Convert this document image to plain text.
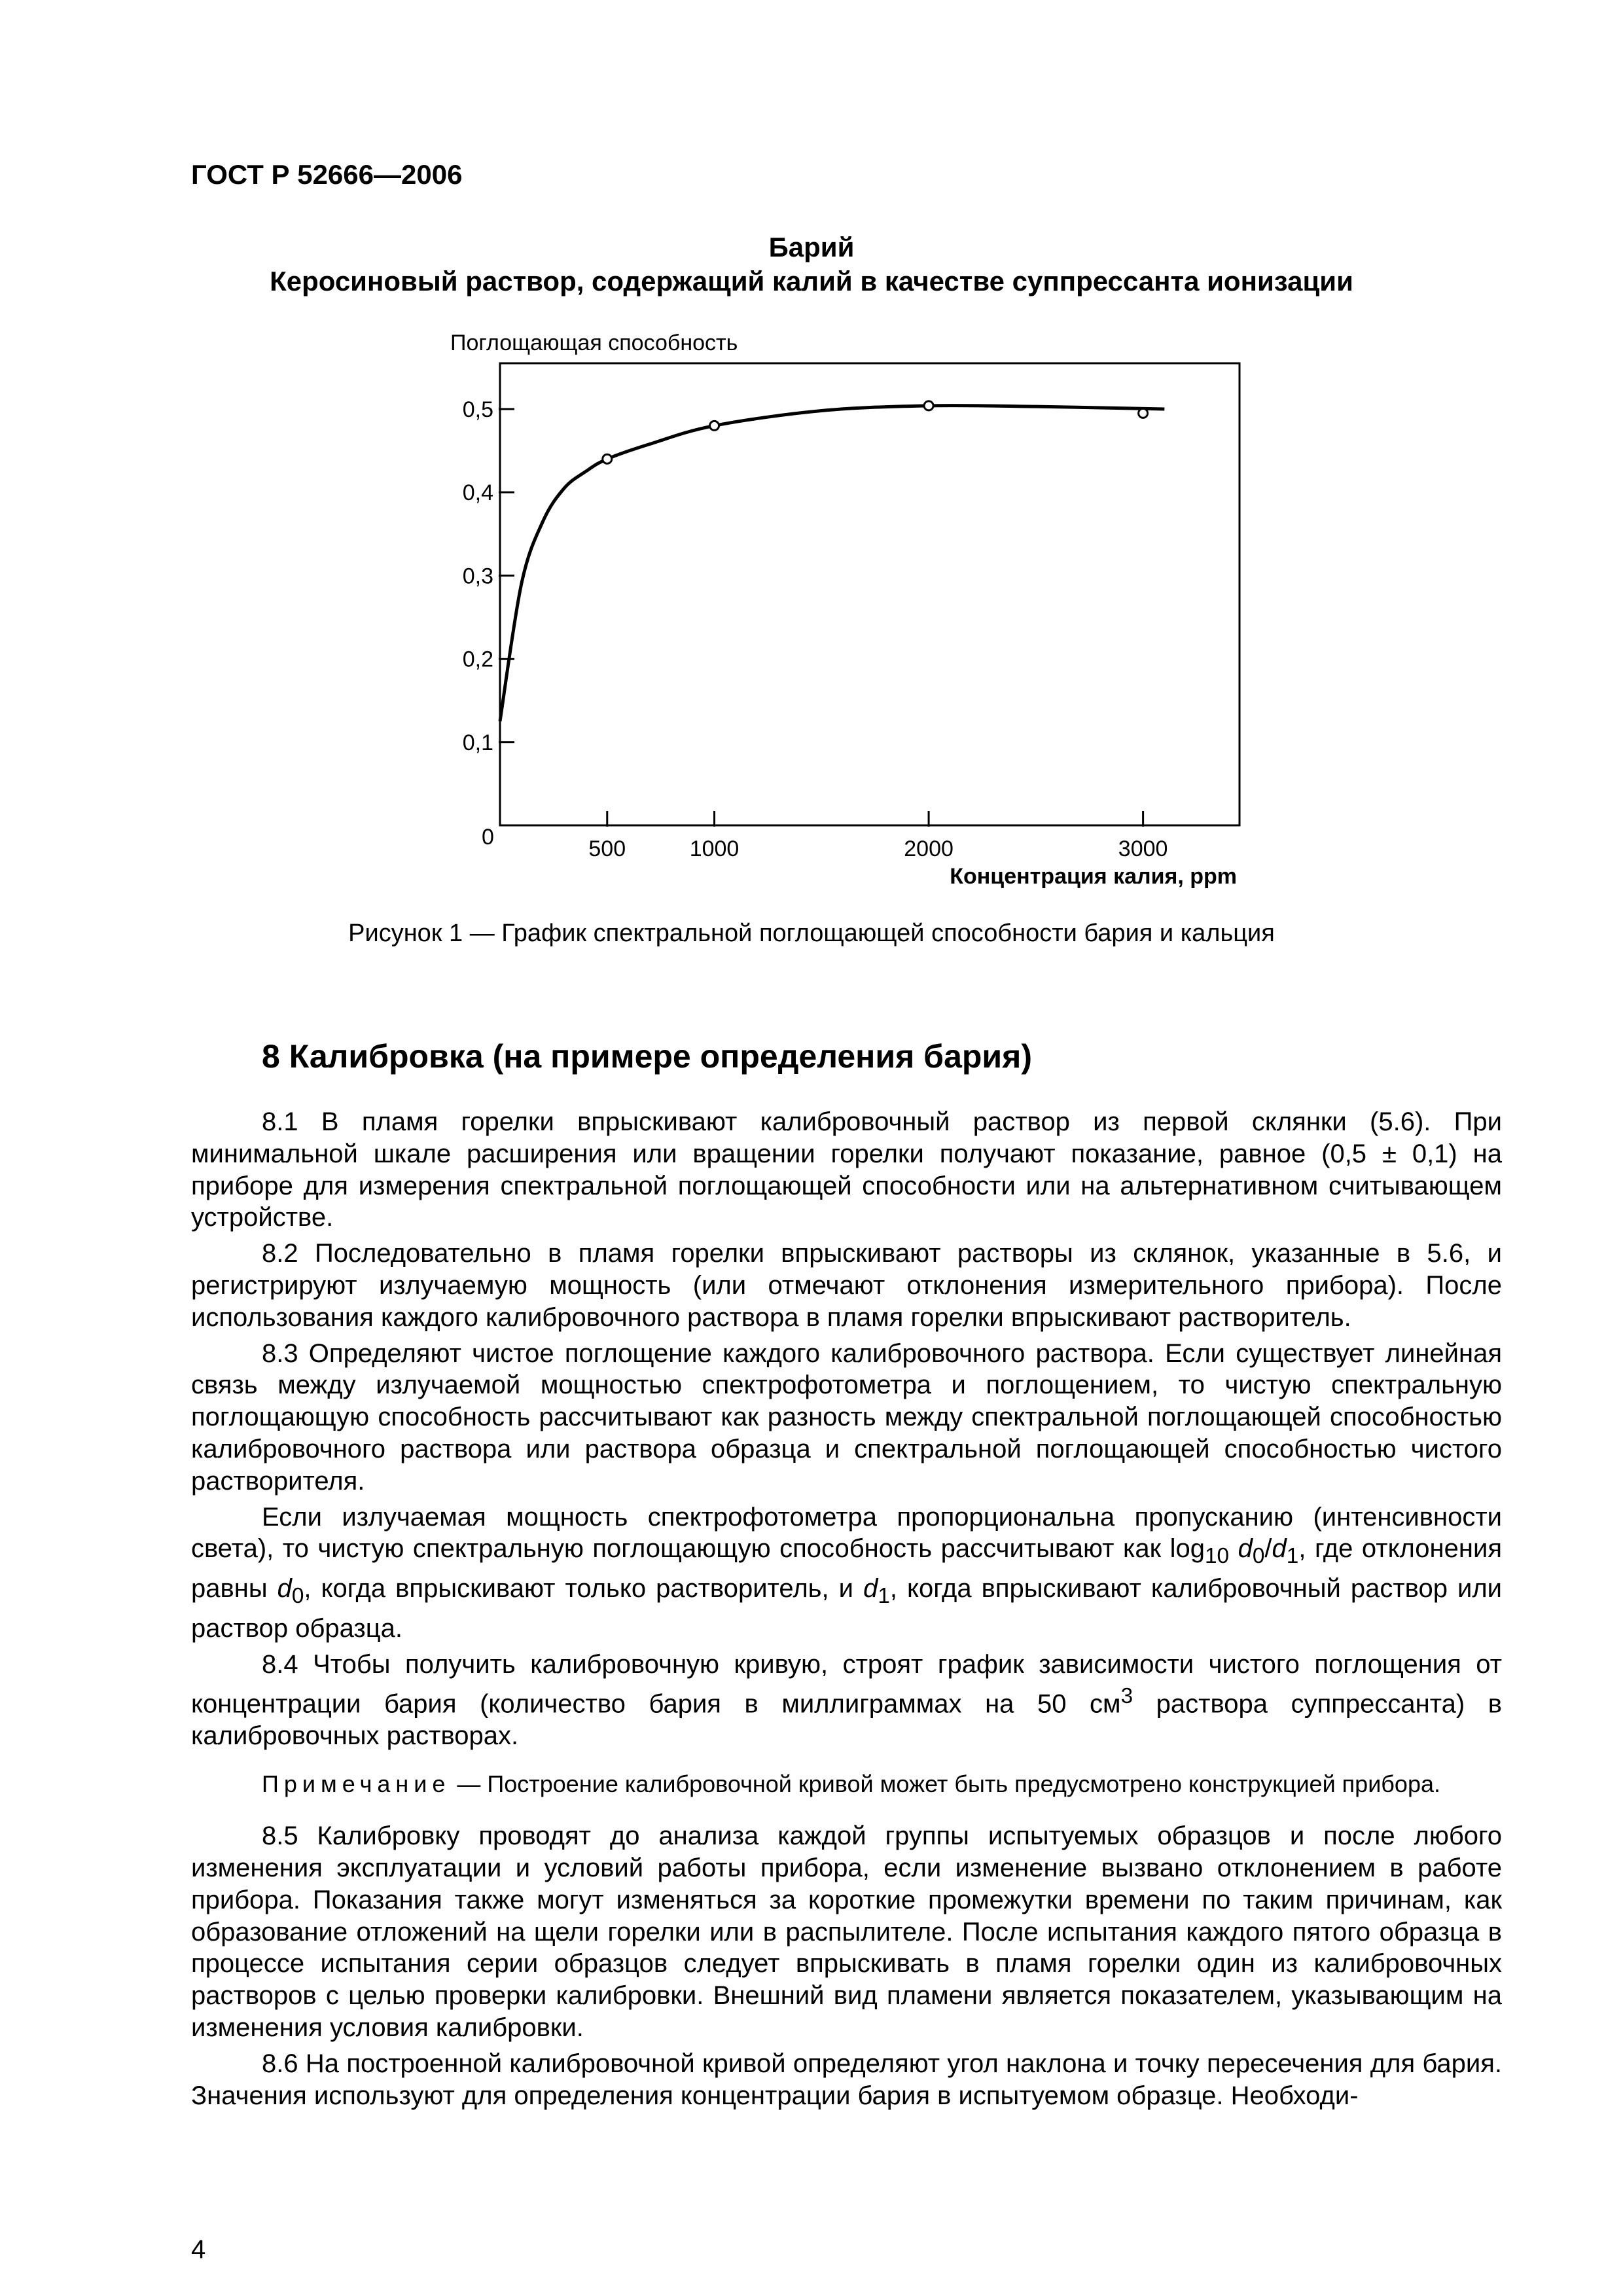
ГОСТ Р 52666—2006
Барий
Керосиновый раствор, содержащий калий в качестве суппрессанта ионизации
Поглощающая способность
0,1
0,2
0,3
0,4
0,5
500	1000	2000	3000
0
Концентрация калия, ppm
Рисунок 1 — График спектральной поглощающей способности бария и кальция
8 Калибровка (на примере определения бария)

8.1 В пламя горелки впрыскивают калибровочный раствор из первой склянки (5.6). При минимальной шкале расширения или вращении горелки получают показание, равное (0,5 ± 0,1) на приборе для измерения спектральной поглощающей способности или на альтернативном считывающем устройстве.

8.2 Последовательно в пламя горелки впрыскивают растворы из склянок, указанные в 5.6, и регистрируют излучаемую мощность (или отмечают отклонения измерительного прибора). После использования каждого калибровочного раствора в пламя горелки впрыскивают растворитель.

8.3 Определяют чистое поглощение каждого калибровочного раствора. Если существует линейная связь между излучаемой мощностью спектрофотометра и поглощением, то чистую спектральную поглощающую способность рассчитывают как разность между спектральной поглощающей способностью калибровочного раствора или раствора образца и спектральной поглощающей способностью чистого растворителя.

Если излучаемая мощность спектрофотометра пропорциональна пропусканию (интенсивности света), то чистую спектральную поглощающую способность рассчитывают как $\log_{10} d_0/d_1$, где отклонения равны $d_0$, когда впрыскивают только растворитель, и $d_1$, когда впрыскивают калибровочный раствор или раствор образца.

8.4 Чтобы получить калибровочную кривую, строят график зависимости чистого поглощения от концентрации бария (количество бария в миллиграммах на 50 $см^3$ раствора суппрессанта) в калибровочных растворах.

Примечание — Построение калибровочной кривой может быть предусмотрено конструкцией прибора.

8.5 Калибровку проводят до анализа каждой группы испытуемых образцов и после любого изменения эксплуатации и условий работы прибора, если изменение вызвано отклонением в работе прибора. Показания также могут изменяться за короткие промежутки времени по таким причинам, как образование отложений на щели горелки или в распылителе. После испытания каждого пятого образца в процессе испытания серии образцов следует впрыскивать в пламя горелки один из калибровочных растворов с целью проверки калибровки. Внешний вид пламени является показателем, указывающим на изменения условия калибровки.

8.6 На построенной калибровочной кривой определяют угол наклона и точку пересечения для бария. Значения используют для определения концентрации бария в испытуемом образце. Необходи-

4
